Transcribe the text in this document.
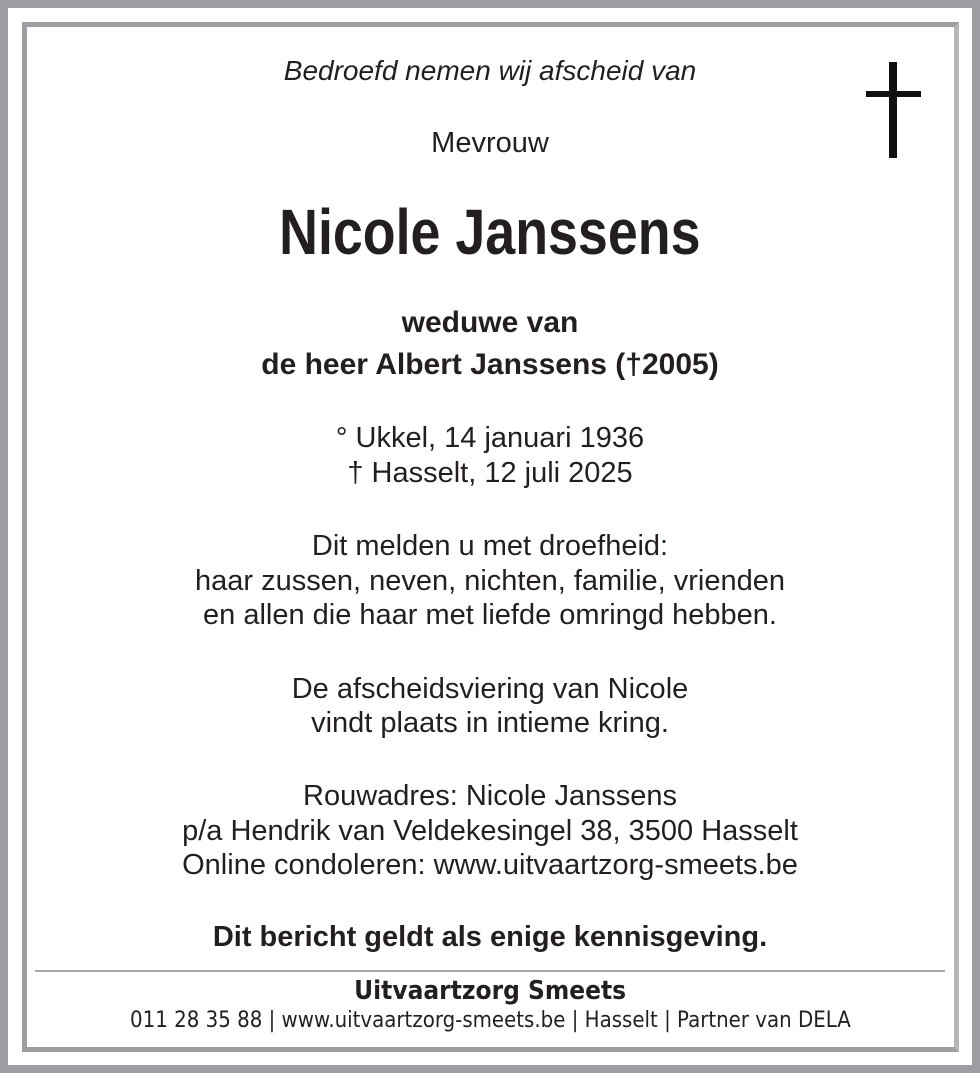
Bedroefd nemen wij afscheid van
Mevrouw
Nicole Janssens
weduwe van
de heer Albert Janssens (†2005)
° Ukkel, 14 januari 1936
† Hasselt, 12 juli 2025
Dit melden u met droefheid:
haar zussen, neven, nichten, familie, vrienden
en allen die haar met liefde omringd hebben.
De afscheidsviering van Nicole
vindt plaats in intieme kring.
Rouwadres: Nicole Janssens
p/a Hendrik van Veldekesingel 38, 3500 Hasselt
Online condoleren: www.uitvaartzorg-smeets.be
Dit bericht geldt als enige kennisgeving.
Uitvaartzorg Smeets
011 28 35 88 | www.uitvaartzorg-smeets.be | Hasselt | Partner van DELA
